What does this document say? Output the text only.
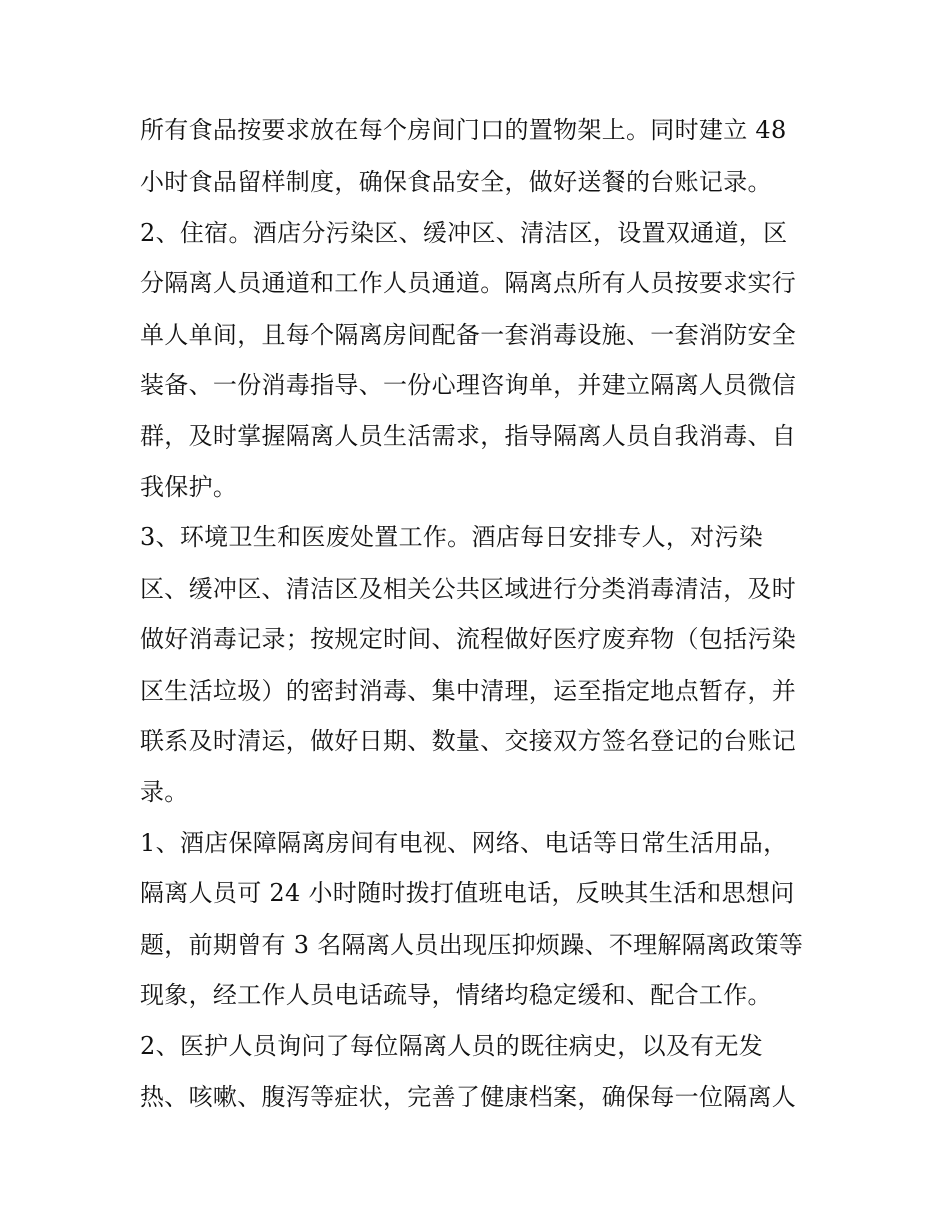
所有食品按要求放在每个房间门口的置物架上。同时建立 48
小时食品留样制度，确保食品安全，做好送餐的台账记录。
2、住宿。酒店分污染区、缓冲区、清洁区，设置双通道，区
分隔离人员通道和工作人员通道。隔离点所有人员按要求实行
单人单间，且每个隔离房间配备一套消毒设施、一套消防安全
装备、一份消毒指导、一份心理咨询单，并建立隔离人员微信
群，及时掌握隔离人员生活需求，指导隔离人员自我消毒、自
我保护。
3、环境卫生和医废处置工作。酒店每日安排专人，对污染
区、缓冲区、清洁区及相关公共区域进行分类消毒清洁，及时
做好消毒记录；按规定时间、流程做好医疗废弃物（包括污染
区生活垃圾）的密封消毒、集中清理，运至指定地点暂存，并
联系及时清运，做好日期、数量、交接双方签名登记的台账记
录。
1、酒店保障隔离房间有电视、网络、电话等日常生活用品，
隔离人员可 24 小时随时拨打值班电话，反映其生活和思想问
题，前期曾有 3 名隔离人员出现压抑烦躁、不理解隔离政策等
现象，经工作人员电话疏导，情绪均稳定缓和、配合工作。
2、医护人员询问了每位隔离人员的既往病史，以及有无发
热、咳嗽、腹泻等症状，完善了健康档案，确保每一位隔离人
